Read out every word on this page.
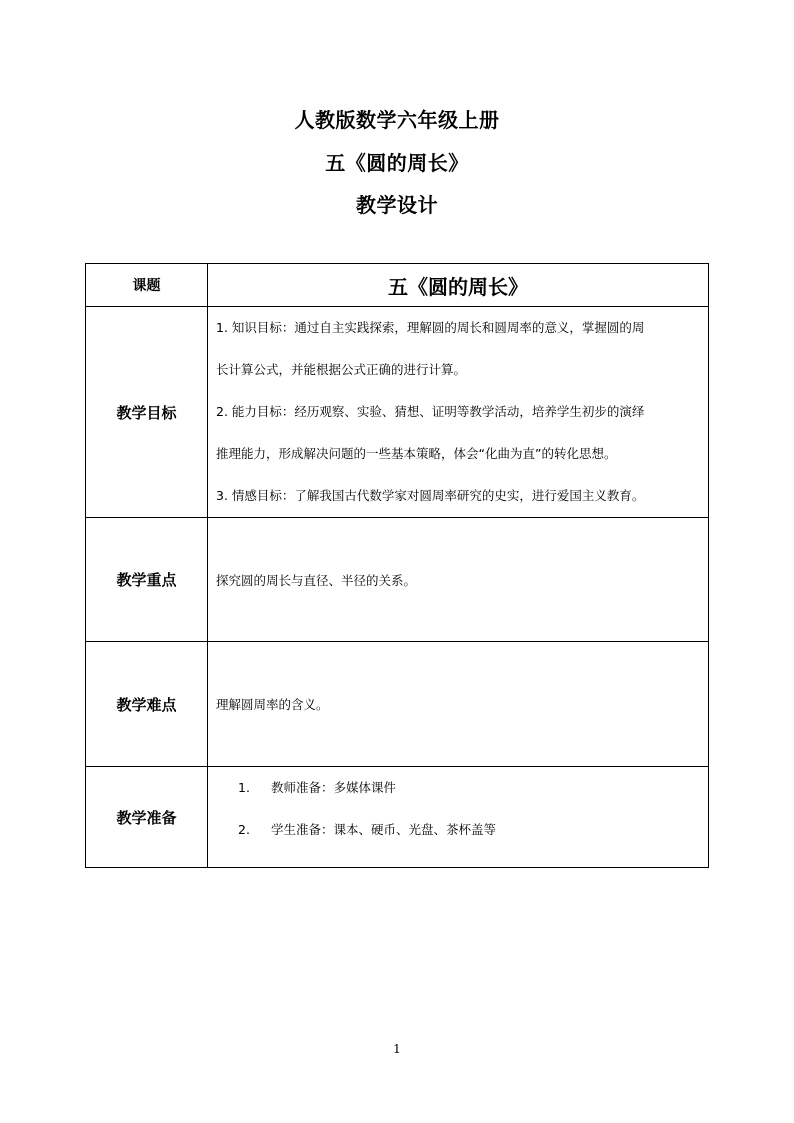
人教版数学六年级上册
五《圆的周长》
教学设计
课题	五《圆的周长》
教学目标	1. 知识目标：通过自主实践探索，理解圆的周长和圆周率的意义，掌握圆的周

长计算公式，并能根据公式正确的进行计算。

2. 能力目标：经历观察、实验、猜想、证明等教学活动，培养学生初步的演绎

推理能力，形成解决问题的一些基本策略，体会“化曲为直”的转化思想。

3. 情感目标：了解我国古代数学家对圆周率研究的史实，进行爱国主义教育。

教学重点	探究圆的周长与直径、半径的关系。

教学难点	理解圆周率的含义。

教学准备	1. 教师准备：多媒体课件
2. 学生准备：课本、硬币、光盘、茶杯盖等
1
